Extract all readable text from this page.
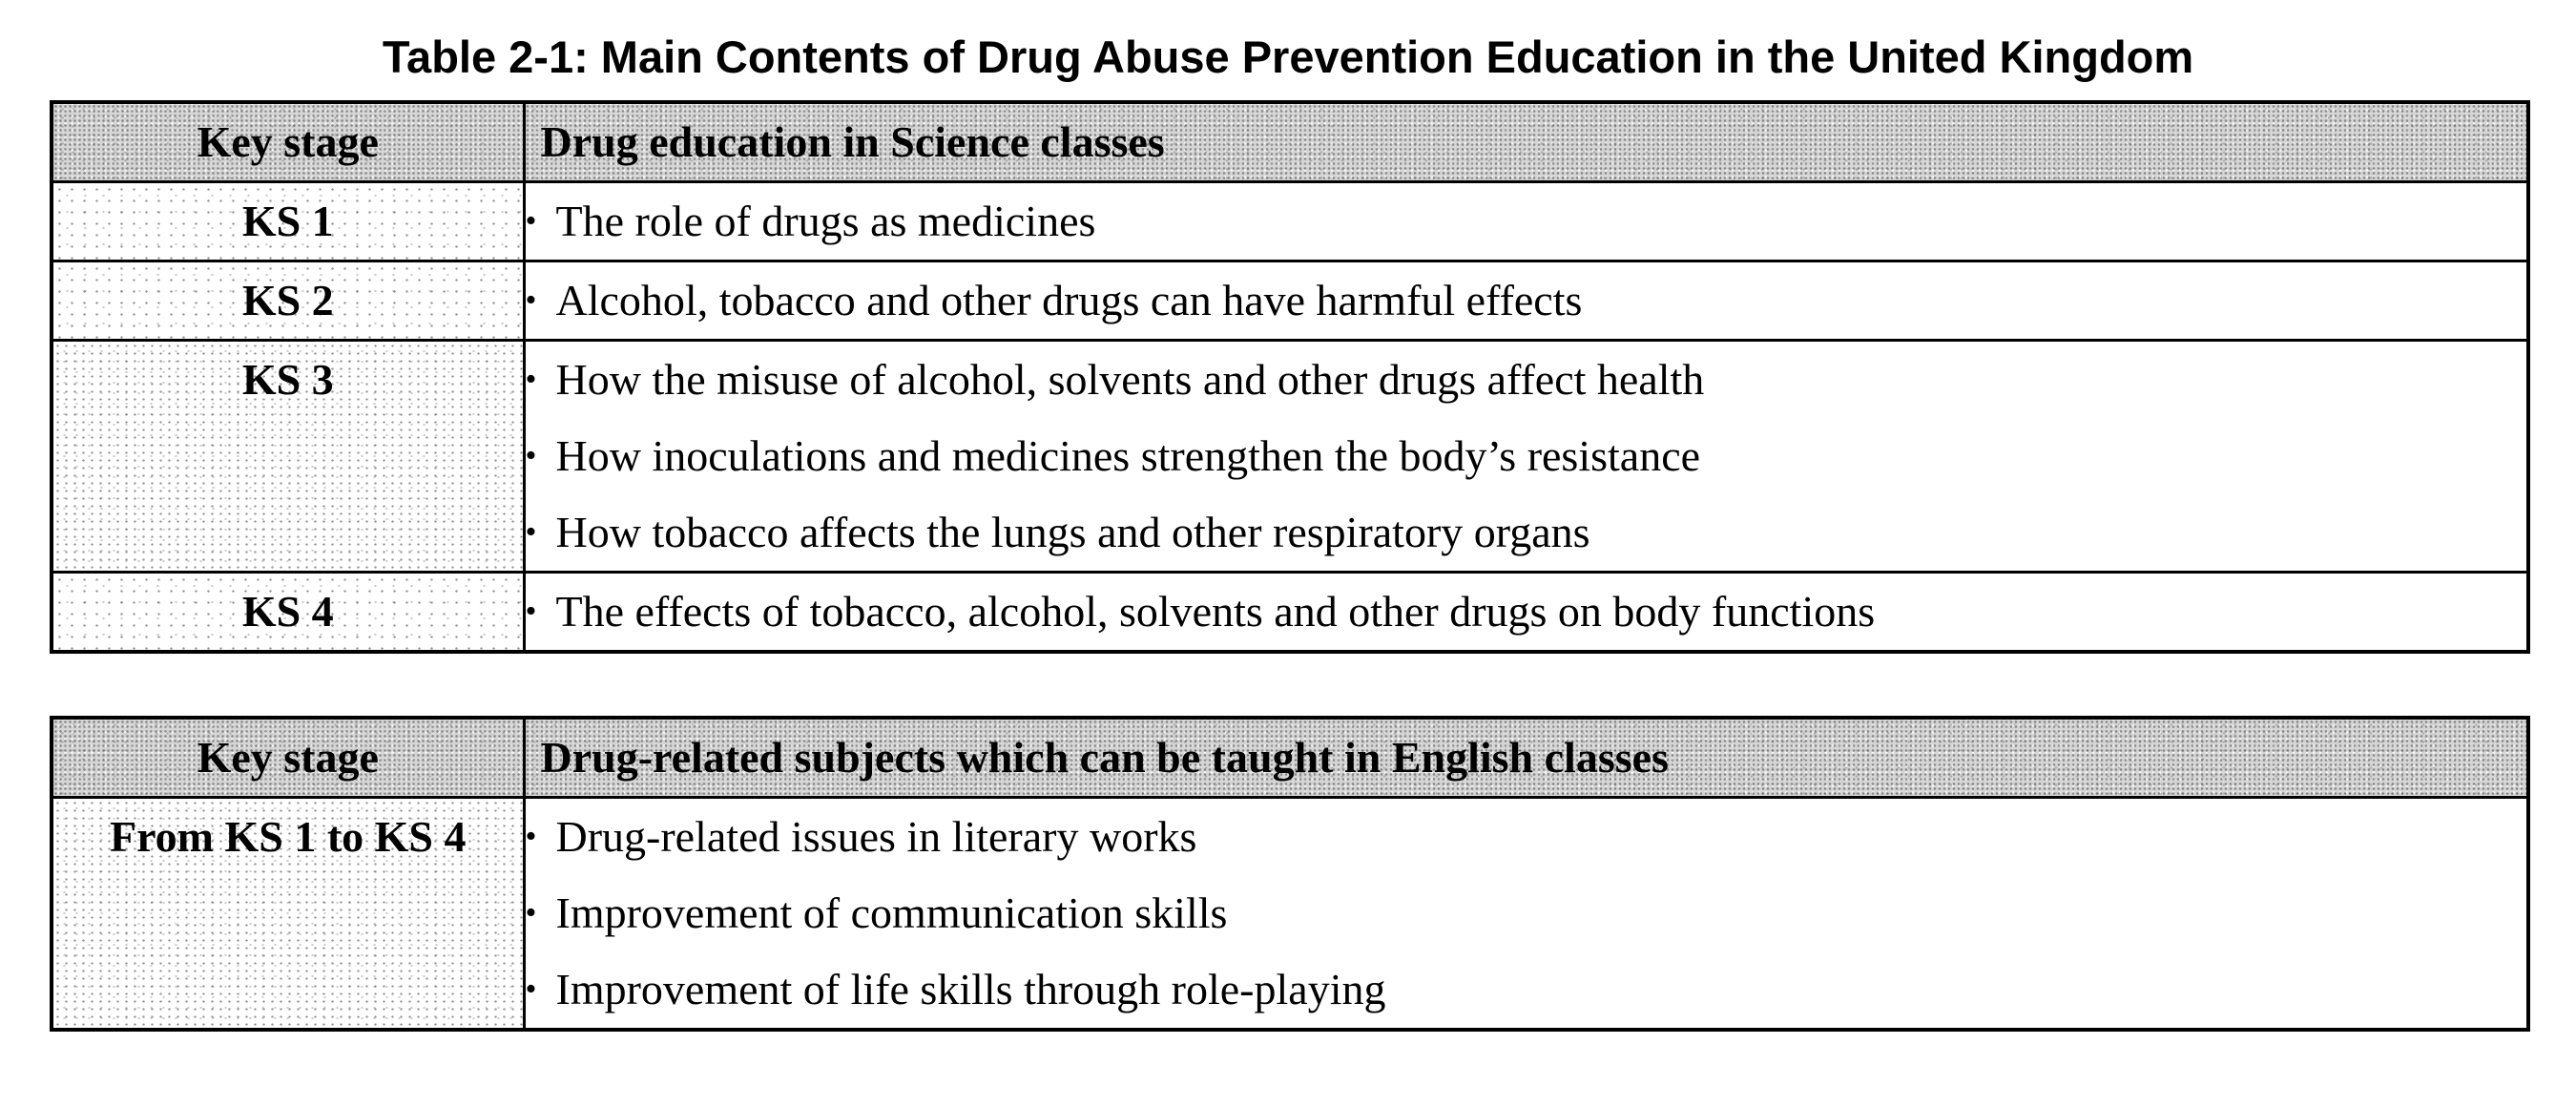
Table 2-1: Main Contents of Drug Abuse Prevention Education in the United Kingdom
Key stage	Drug education in Science classes
KS 1	• The role of drugs as medicines

KS 2	• Alcohol, tobacco and other drugs can have harmful effects

KS 3	• How the misuse of alcohol, solvents and other drugs affect health
• How inoculations and medicines strengthen the body’s resistance
• How tobacco affects the lungs and other respiratory organs

KS 4	• The effects of tobacco, alcohol, solvents and other drugs on body functions
Key stage	Drug-related subjects which can be taught in English classes
From KS 1 to KS 4	• Drug-related issues in literary works
• Improvement of communication skills
• Improvement of life skills through role-playing
